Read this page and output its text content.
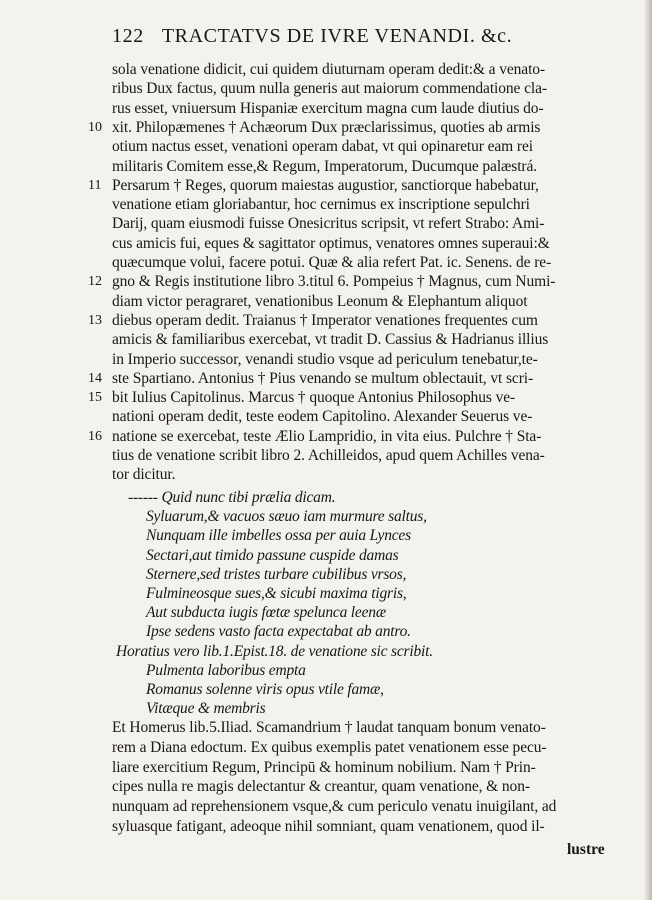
122 TRACTATVS DE IVRE VENANDI. &c.
sola venatione didicit, cui quidem diuturnam operam dedit:& a venato-
ribus Dux factus, quum nulla generis aut maiorum commendatione cla-
rus esset, vniuersum Hispaniæ exercitum magna cum laude diutius do-
xit. Philopæmenes † Achæorum Dux præclarissimus, quoties ab armis
10
otium nactus esset, venationi operam dabat, vt qui opinaretur eam rei
militaris Comitem esse,& Regum, Imperatorum, Ducumque palæstrá.
Persarum † Reges, quorum maiestas augustior, sanctiorque habebatur,
11
venatione etiam gloriabantur, hoc cernimus ex inscriptione sepulchri
Darij, quam eiusmodi fuisse Onesicritus scripsit, vt refert Strabo: Ami-
cus amicis fui, eques & sagittator optimus, venatores omnes superaui:&
quæcumque volui, facere potui. Quæ & alia refert Pat. ic. Senens. de re-
gno & Regis institutione libro 3.titul 6. Pompeius † Magnus, cum Numi-
12
diam victor peragraret, venationibus Leonum & Elephantum aliquot
diebus operam dedit. Traianus † Imperator venationes frequentes cum
13
amicis & familiaribus exercebat, vt tradit D. Cassius & Hadrianus illius
in Imperio successor, venandi studio vsque ad periculum tenebatur,te-
ste Spartiano. Antonius † Pius venando se multum oblectauit, vt scri-
14
bit Iulius Capitolinus. Marcus † quoque Antonius Philosophus ve-
15
nationi operam dedit, teste eodem Capitolino. Alexander Seuerus ve-
natione se exercebat, teste Ælio Lampridio, in vita eius. Pulchre † Sta-
16
tius de venatione scribit libro 2. Achilleidos, apud quem Achilles vena-
tor dicitur.
------ Quid nunc tibi prælia dicam.
Syluarum,& vacuos sæuo iam murmure saltus,
Nunquam ille imbelles ossa per auia Lynces
Sectari,aut timido passune cuspide damas
Sternere,sed tristes turbare cubilibus vrsos,
Fulmineosque sues,& sicubi maxima tigris,
Aut subducta iugis fœtæ spelunca leenæ
Ipse sedens vasto facta expectabat ab antro.
Horatius vero lib.1.Epist.18. de venatione sic scribit.
Pulmenta laboribus empta
Romanus solenne viris opus vtile famæ,
Vitæque & membris
Et Homerus lib.5.Iliad. Scamandrium † laudat tanquam bonum venato-
rem a Diana edoctum. Ex quibus exemplis patet venationem esse pecu-
liare exercitium Regum, Principū & hominum nobilium. Nam † Prin-
cipes nulla re magis delectantur & creantur, quam venatione, & non-
nunquam ad reprehensionem vsque,& cum periculo venatu inuigilant, ad
syluasque fatigant, adeoque nihil somniant, quam venationem, quod il-
lustre
